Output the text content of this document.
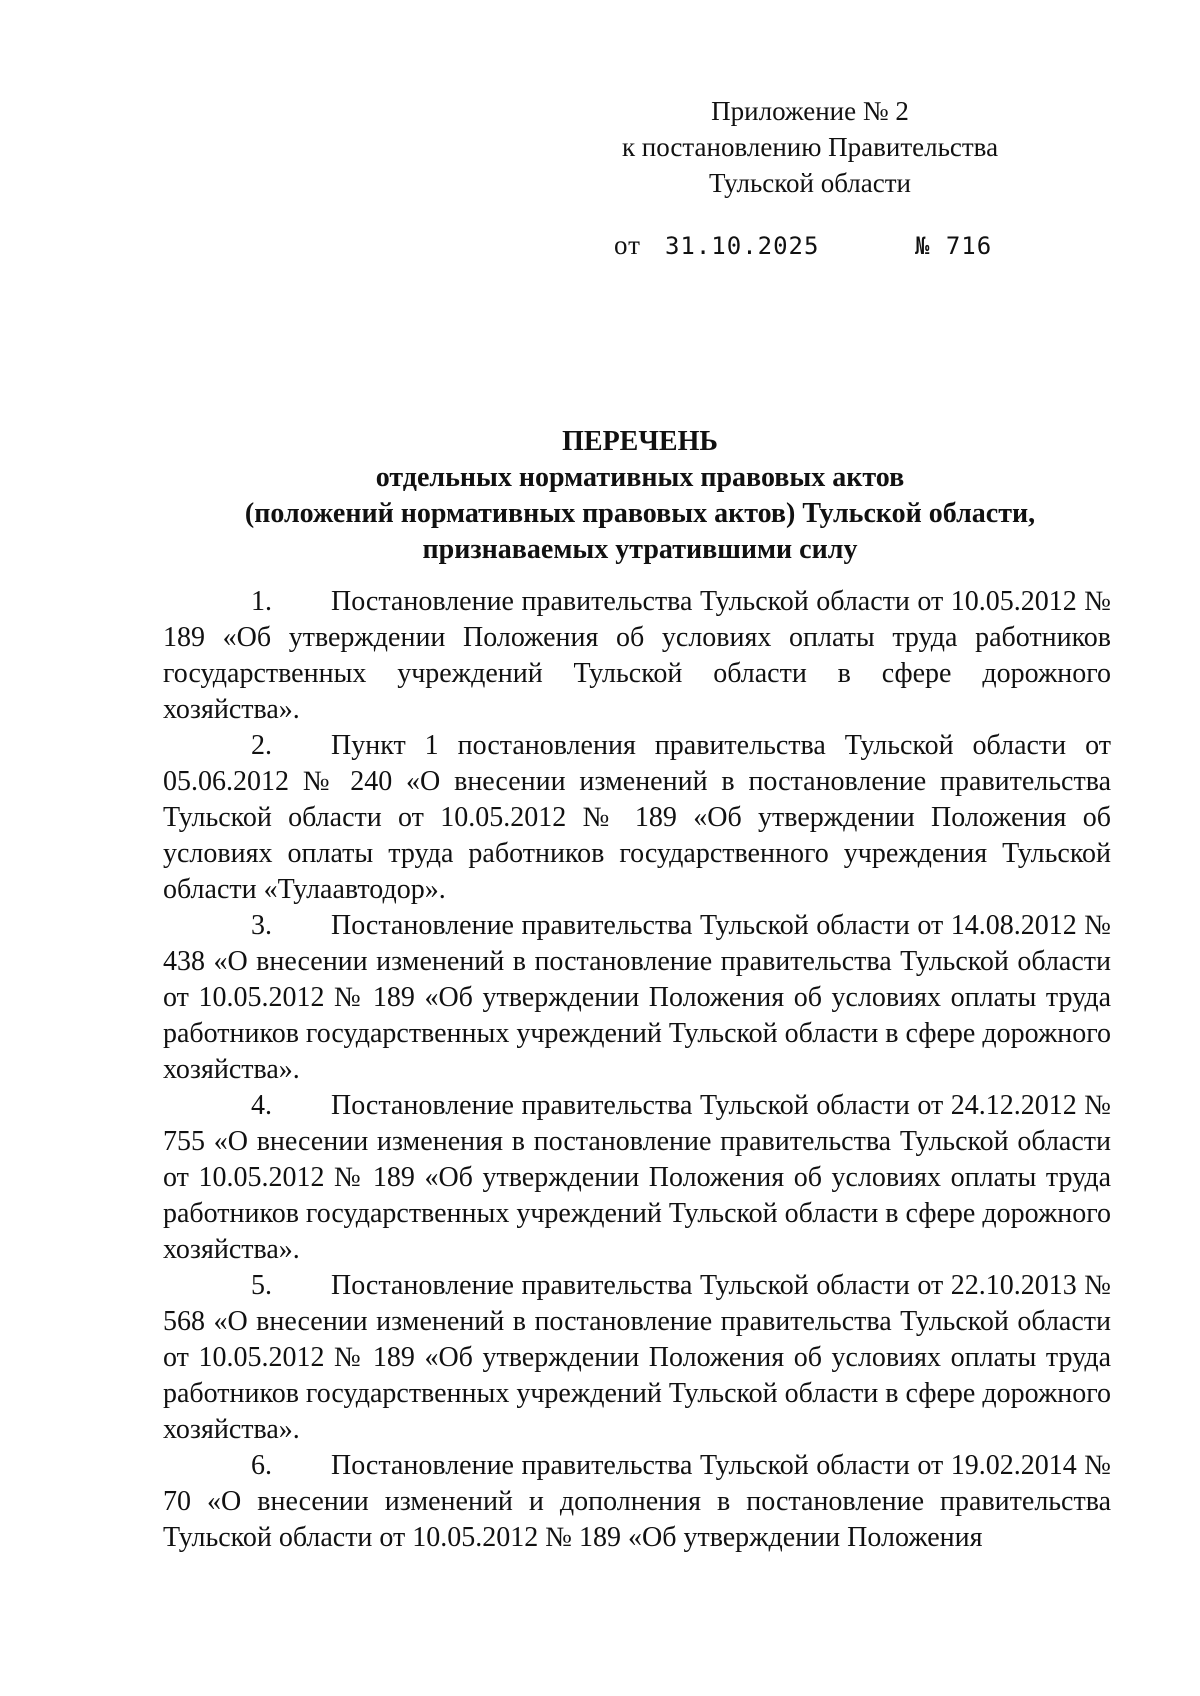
Приложение № 2
к постановлению Правительства
Тульской области
от 31.10.2025	№ 716
ПЕРЕЧЕНЬ
отдельных нормативных правовых актов
(положений нормативных правовых актов) Тульской области,
признаваемых утратившими силу

1. Постановление правительства Тульской области от 10.05.2012 № 189 «Об утверждении Положения об условиях оплаты труда работников государственных учреждений Тульской области в сфере дорожного хозяйства».

2. Пункт 1 постановления правительства Тульской области от 05.06.2012 № 240 «О внесении изменений в постановление правительства Тульской области от 10.05.2012 № 189 «Об утверждении Положения об условиях оплаты труда работников государственного учреждения Тульской области «Тулаавтодор».

3. Постановление правительства Тульской области от 14.08.2012 № 438 «О внесении изменений в постановление правительства Тульской области от 10.05.2012 № 189 «Об утверждении Положения об условиях оплаты труда работников государственных учреждений Тульской области в сфере дорожного хозяйства».

4. Постановление правительства Тульской области от 24.12.2012 № 755 «О внесении изменения в постановление правительства Тульской области от 10.05.2012 № 189 «Об утверждении Положения об условиях оплаты труда работников государственных учреждений Тульской области в сфере дорожного хозяйства».

5. Постановление правительства Тульской области от 22.10.2013 № 568 «О внесении изменений в постановление правительства Тульской области от 10.05.2012 № 189 «Об утверждении Положения об условиях оплаты труда работников государственных учреждений Тульской области в сфере дорожного хозяйства».

6. Постановление правительства Тульской области от 19.02.2014 № 70 «О внесении изменений и дополнения в постановление правительства Тульской области от 10.05.2012 № 189 «Об утверждении Положения
